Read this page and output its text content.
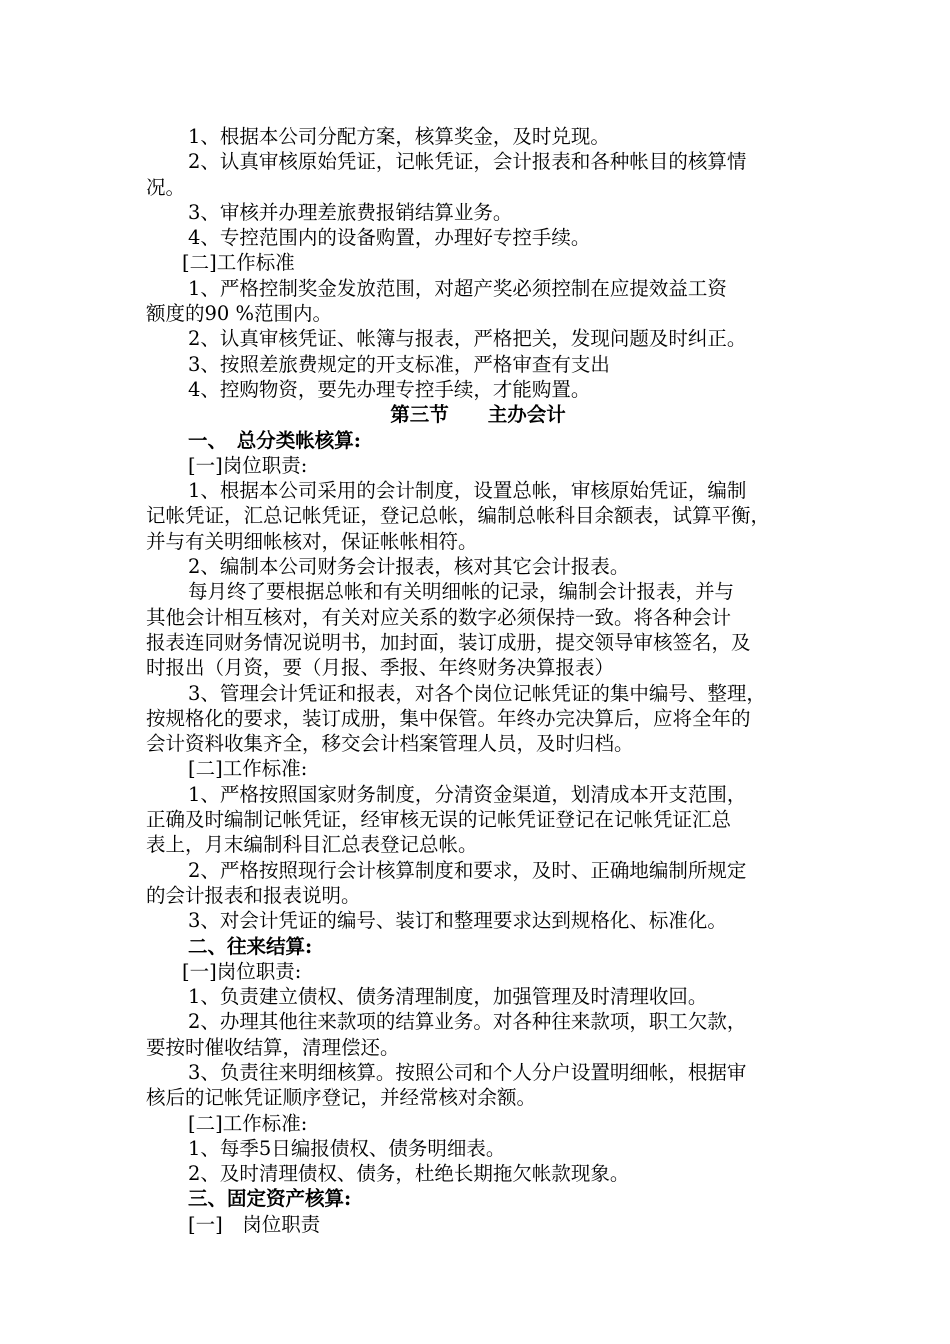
1、根据本公司分配方案，核算奖金，及时兑现。
2、认真审核原始凭证，记帐凭证，会计报表和各种帐目的核算情
况。
3、审核并办理差旅费报销结算业务。
4、专控范围内的设备购置，办理好专控手续。
[二]工作标准
1、严格控制奖金发放范围，对超产奖必须控制在应提效益工资
额度的90 %范围内。
2、认真审核凭证、帐簿与报表，严格把关，发现问题及时纠正。
3、按照差旅费规定的开支标准，严格审查有支出
4、控购物资，要先办理专控手续，才能购置。
第三节　　主办会计
一、　总分类帐核算:
[一]岗位职责:
1、根据本公司采用的会计制度，设置总帐，审核原始凭证，编制
记帐凭证，汇总记帐凭证，登记总帐，编制总帐科目余额表，试算平衡，
并与有关明细帐核对，保证帐帐相符。
2、编制本公司财务会计报表，核对其它会计报表。
每月终了要根据总帐和有关明细帐的记录，编制会计报表，并与
其他会计相互核对，有关对应关系的数字必须保持一致。将各种会计
报表连同财务情况说明书，加封面，装订成册，提交领导审核签名，及
时报出（月资，要（月报、季报、年终财务决算报表）
3、管理会计凭证和报表，对各个岗位记帐凭证的集中编号、整理，
按规格化的要求，装订成册，集中保管。年终办完决算后，应将全年的
会计资料收集齐全，移交会计档案管理人员，及时归档。
[二]工作标准:
1、严格按照国家财务制度，分清资金渠道，划清成本开支范围，
正确及时编制记帐凭证，经审核无误的记帐凭证登记在记帐凭证汇总
表上，月末编制科目汇总表登记总帐。
2、严格按照现行会计核算制度和要求，及时、正确地编制所规定
的会计报表和报表说明。
3、对会计凭证的编号、装订和整理要求达到规格化、标准化。
二、往来结算:
[一]岗位职责:
1、负责建立债权、债务清理制度，加强管理及时清理收回。
2、办理其他往来款项的结算业务。对各种往来款项，职工欠款，
要按时催收结算，清理偿还。
3、负责往来明细核算。按照公司和个人分户设置明细帐，根据审
核后的记帐凭证顺序登记，并经常核对余额。
[二]工作标准:
1、每季5日编报债权、债务明细表。
2、及时清理债权、债务，杜绝长期拖欠帐款现象。
三、固定资产核算:
[一]　岗位职责
